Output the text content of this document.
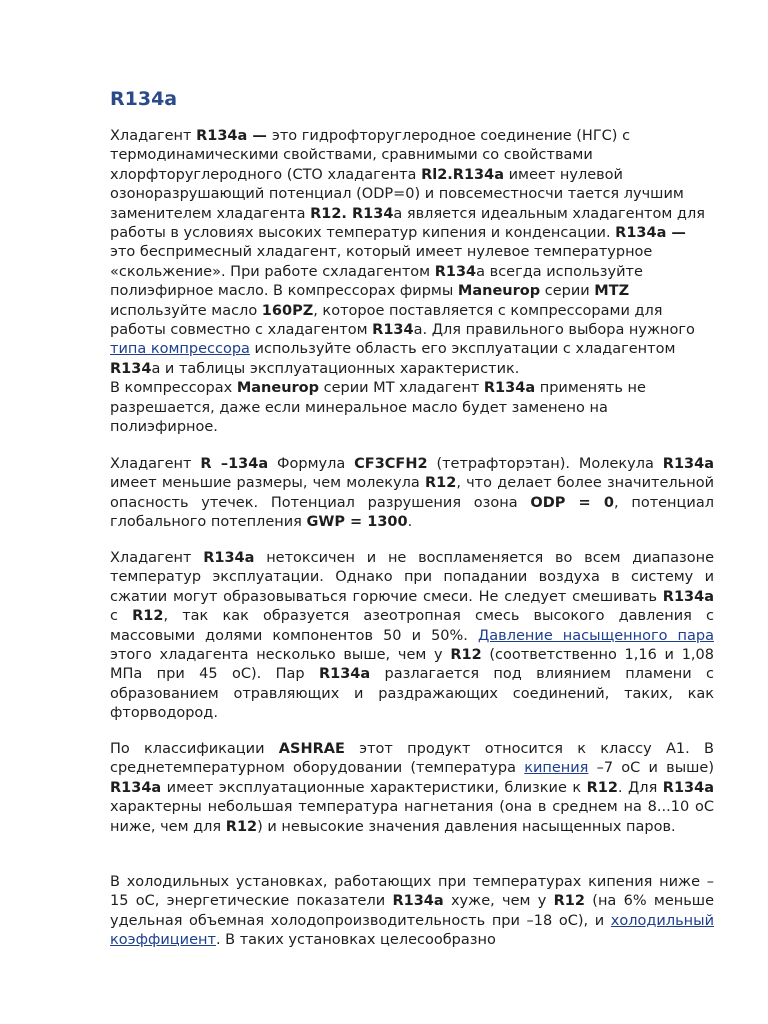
R134a

Хладагент R134a — это гидрофторуглеродное соединение (НГС) с термодинамическими свойствами, сравнимыми со свойствами хлорфторуглеродного (СТО хладагента Rl2.R134a имеет нулевой озоноразрушающий потенциал (ODP=0) и повсеместносчи тается лучшим заменителем хладагента R12. R134a является идеальным хладагентом для работы в условиях высоких температур кипения и конденсации. R134a — это беспримесный хладагент, который имеет нулевое температурное «скольжение». При работе схладагентом R134a всегда используйте полиэфирное масло. В компрессорах фирмы Maneurop серии MTZ используйте масло 160PZ, которое поставляется с компрессорами для работы совместно с хладагентом R134a. Для правильного выбора нужного типа компрессора используйте область его эксплуатации с хладагентом R134a и таблицы эксплуатационных характеристик.
В компрессорах Maneurop серии МТ хладагент R134a применять не разрешается, даже если минеральное масло будет заменено на полиэфирное.

Хладагент R –134a Формула CF3CFH2 (тетрафторэтан). Молекула R134a имеет меньшие размеры, чем молекула R12, что делает более значительной опасность утечек. Потенциал разрушения озона ODP = 0, потенциал глобального потепления GWP = 1300.

Хладагент R134a нетоксичен и не воспламеняется во всем диапазоне температур эксплуатации. Однако при попадании воздуха в систему и сжатии могут образовываться горючие смеси. Не следует смешивать R134a с R12, так как образуется азеотропная смесь высокого давления с массовыми долями компонентов 50 и 50%. Давление насыщенного пара этого хладагента несколько выше, чем у R12 (соответственно 1,16 и 1,08 МПа при 45 оС). Пар R134a разлагается под влиянием пламени с образованием отравляющих и раздражающих соединений, таких, как фторводород.

По классификации ASHRAE этот продукт относится к классу А1. В среднетемпературном оборудовании (температура кипения –7 оС и выше) R134a имеет эксплуатационные характеристики, близкие к R12. Для R134a характерны небольшая температура нагнетания (она в среднем на 8...10 оС ниже, чем для R12) и невысокие значения давления насыщенных паров.

В холодильных установках, работающих при температурах кипения ниже –15 оС, энергетические показатели R134a хуже, чем у R12 (на 6% меньше удельная объемная холодопроизводительность при –18 оС), и холодильный коэффициент. В таких установках целесообразно
